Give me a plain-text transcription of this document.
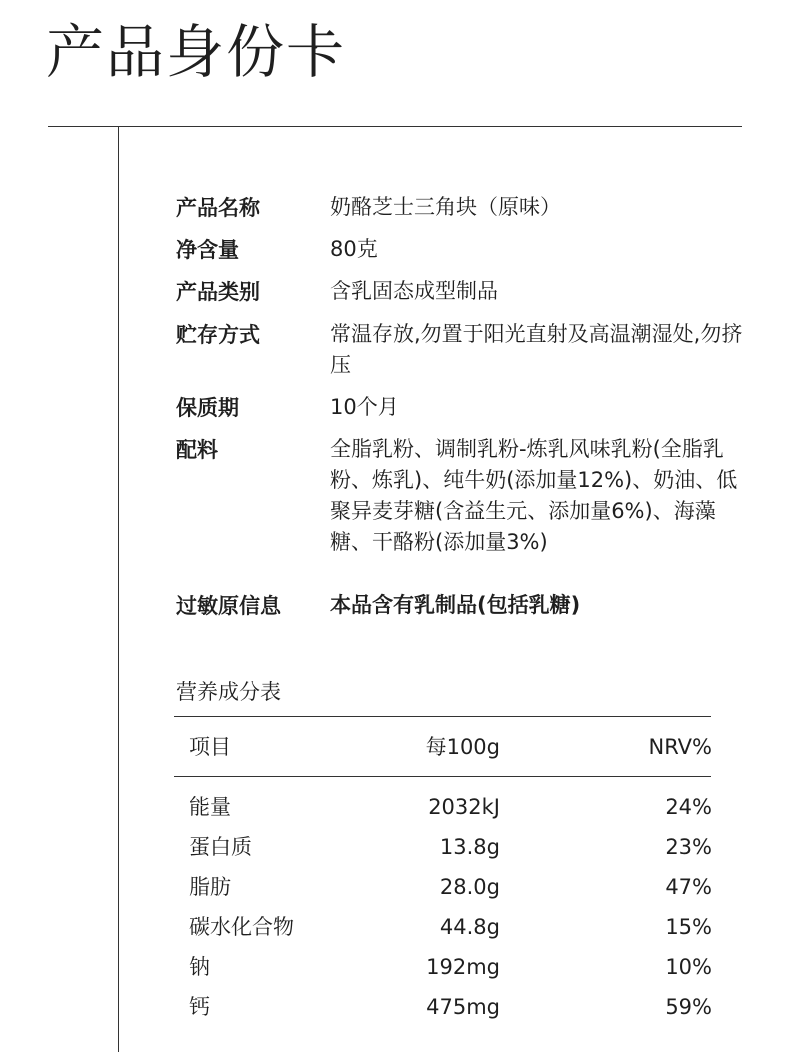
产品身份卡
产品名称	奶酪芝士三角块（原味）
净含量	80克
产品类别	含乳固态成型制品
贮存方式	常温存放,勿置于阳光直射及高温潮湿处,勿挤压
保质期	10个月
配料	全脂乳粉、调制乳粉-炼乳风味乳粉(全脂乳粉、炼乳)、纯牛奶(添加量12%)、奶油、低聚异麦芽糖(含益生元、添加量6%)、海藻糖、干酪粉(添加量3%)
过敏原信息 本品含有乳制品(包括乳糖)
营养成分表
项目	每100g	NRV%
能量	2032kJ	24%
蛋白质	13.8g	23%
脂肪	28.0g	47%
碳水化合物	44.8g	15%
钠	192mg	10%
钙	475mg	59%
